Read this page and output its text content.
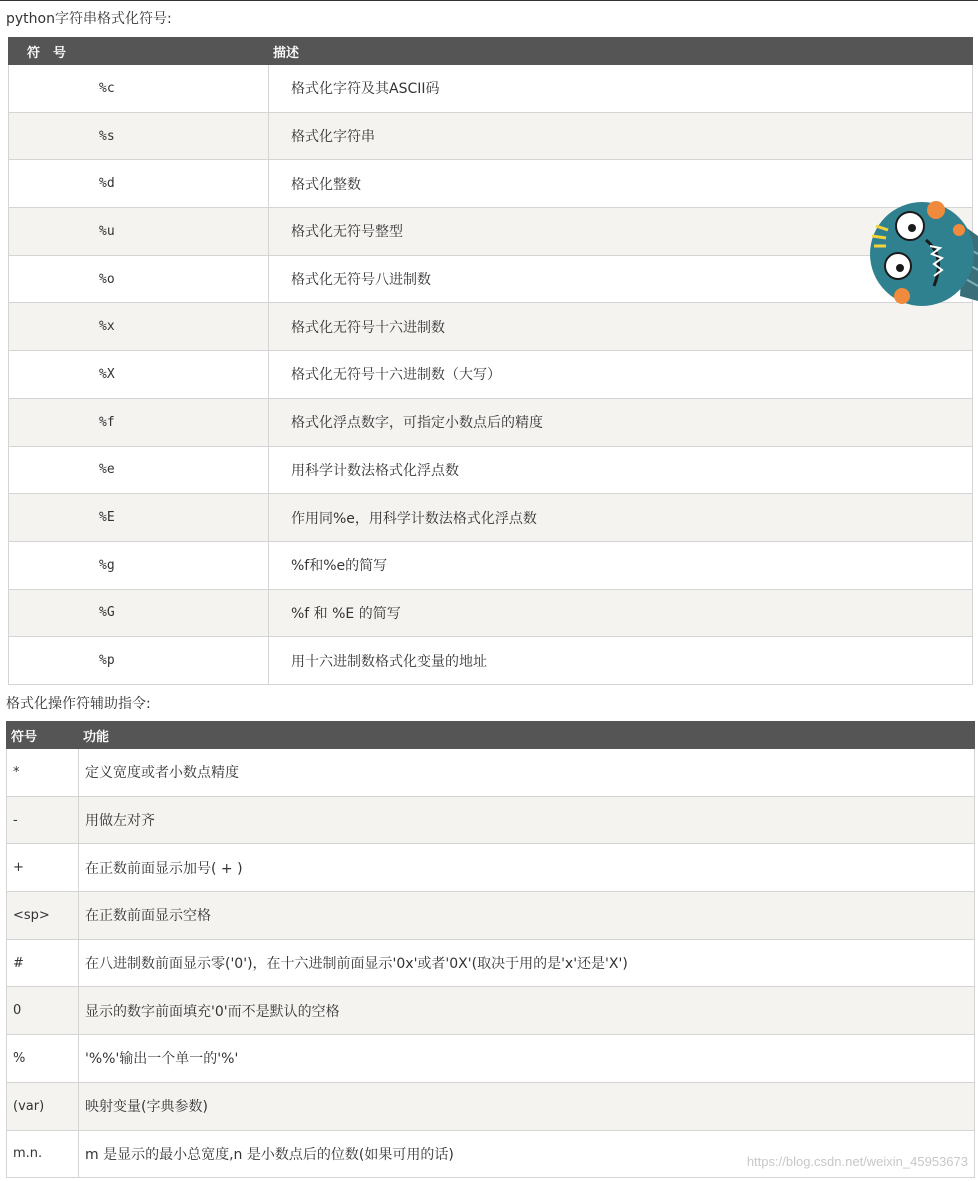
python字符串格式化符号:
符　号	描述
%c	格式化字符及其ASCII码
%s	格式化字符串
%d	格式化整数
%u	格式化无符号整型
%o	格式化无符号八进制数
%x	格式化无符号十六进制数
%X	格式化无符号十六进制数（大写）
%f	格式化浮点数字，可指定小数点后的精度
%e	用科学计数法格式化浮点数
%E	作用同%e，用科学计数法格式化浮点数
%g	%f和%e的简写
%G	%f 和 %E 的简写
%p	用十六进制数格式化变量的地址
格式化操作符辅助指令:
符号	功能
*	定义宽度或者小数点精度
-	用做左对齐
+	在正数前面显示加号( + )
<sp>	在正数前面显示空格
#	在八进制数前面显示零('0')，在十六进制前面显示'0x'或者'0X'(取决于用的是'x'还是'X')
0	显示的数字前面填充'0'而不是默认的空格
%	'%%'输出一个单一的'%'
(var)	映射变量(字典参数)
m.n.	m 是显示的最小总宽度,n 是小数点后的位数(如果可用的话)	https://blog.csdn.net/weixin_45953673
